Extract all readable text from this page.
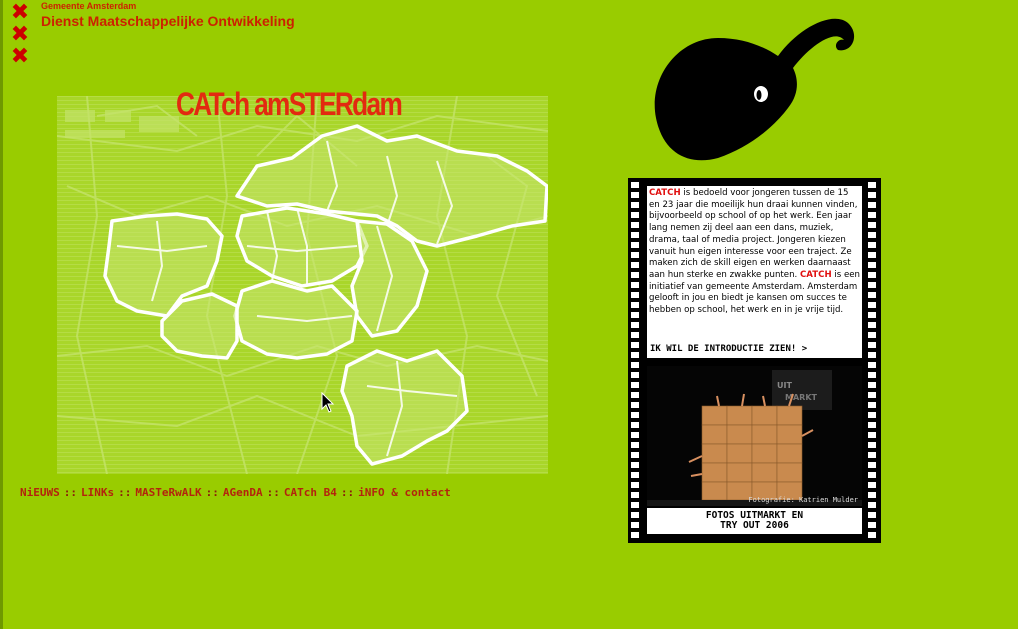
✖
✖
✖
Gemeente Amsterdam
Dienst Maatschappelijke Ontwikkeling
CATch amSTERdam
NiEUWS :: LINKs :: MASTeRwALK :: AGenDA :: CATch B4 :: iNFO & contact
CATCH is bedoeld voor jongeren tussen de 15 en 23 jaar die moeilijk hun draai kunnen vinden, bijvoorbeeld op school of op het werk. Een jaar lang nemen zij deel aan een dans, muziek, drama, taal of media project. Jongeren kiezen vanuit hun eigen interesse voor een traject. Ze maken zich de skill eigen en werken daarnaast aan hun sterke en zwakke punten. CATCH is een initiatief van gemeente Amsterdam. Amsterdam gelooft in jou en biedt je kansen om succes te hebben op school, het werk en in je vrije tijd.
IK WIL DE INTRODUCTIE ZIEN! >
UIT
MARKT
Fotografie: Katrien Mulder
FOTOS UITMARKT EN
TRY OUT 2006
